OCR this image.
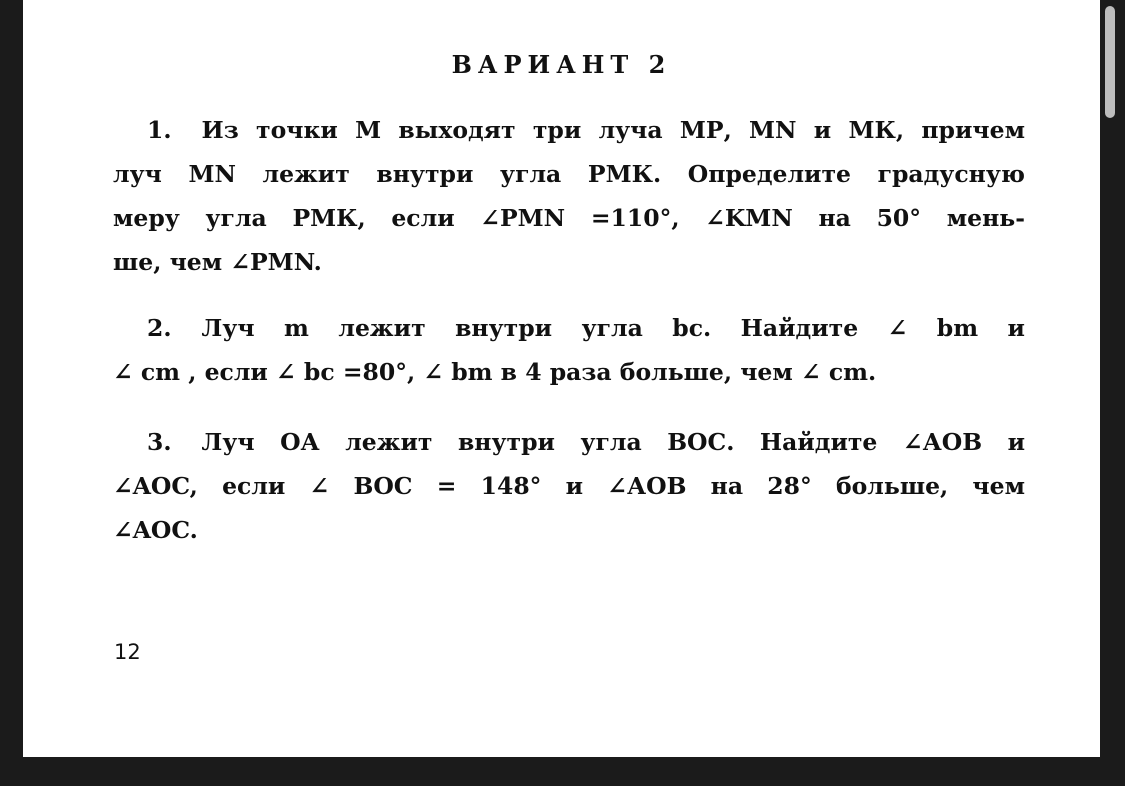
ВАРИАНТ 2
1. Из точки М выходят три луча МР, MN и МК, причем
луч MN лежит внутри угла РМК. Определите градусную
меру угла РМК, если ∠PMN =110°, ∠KMN на 50° мень-
ше, чем ∠PMN.
2. Луч m лежит внутри угла bc. Найдите ∠ bm и
∠ cm , если ∠ bc =80°, ∠ bm в 4 раза больше, чем ∠ cm.
3. Луч ОА лежит внутри угла ВОС. Найдите ∠АОВ и
∠AOC, если ∠ ВОС = 148° и ∠АОВ на 28° больше, чем
∠AOC.
12
